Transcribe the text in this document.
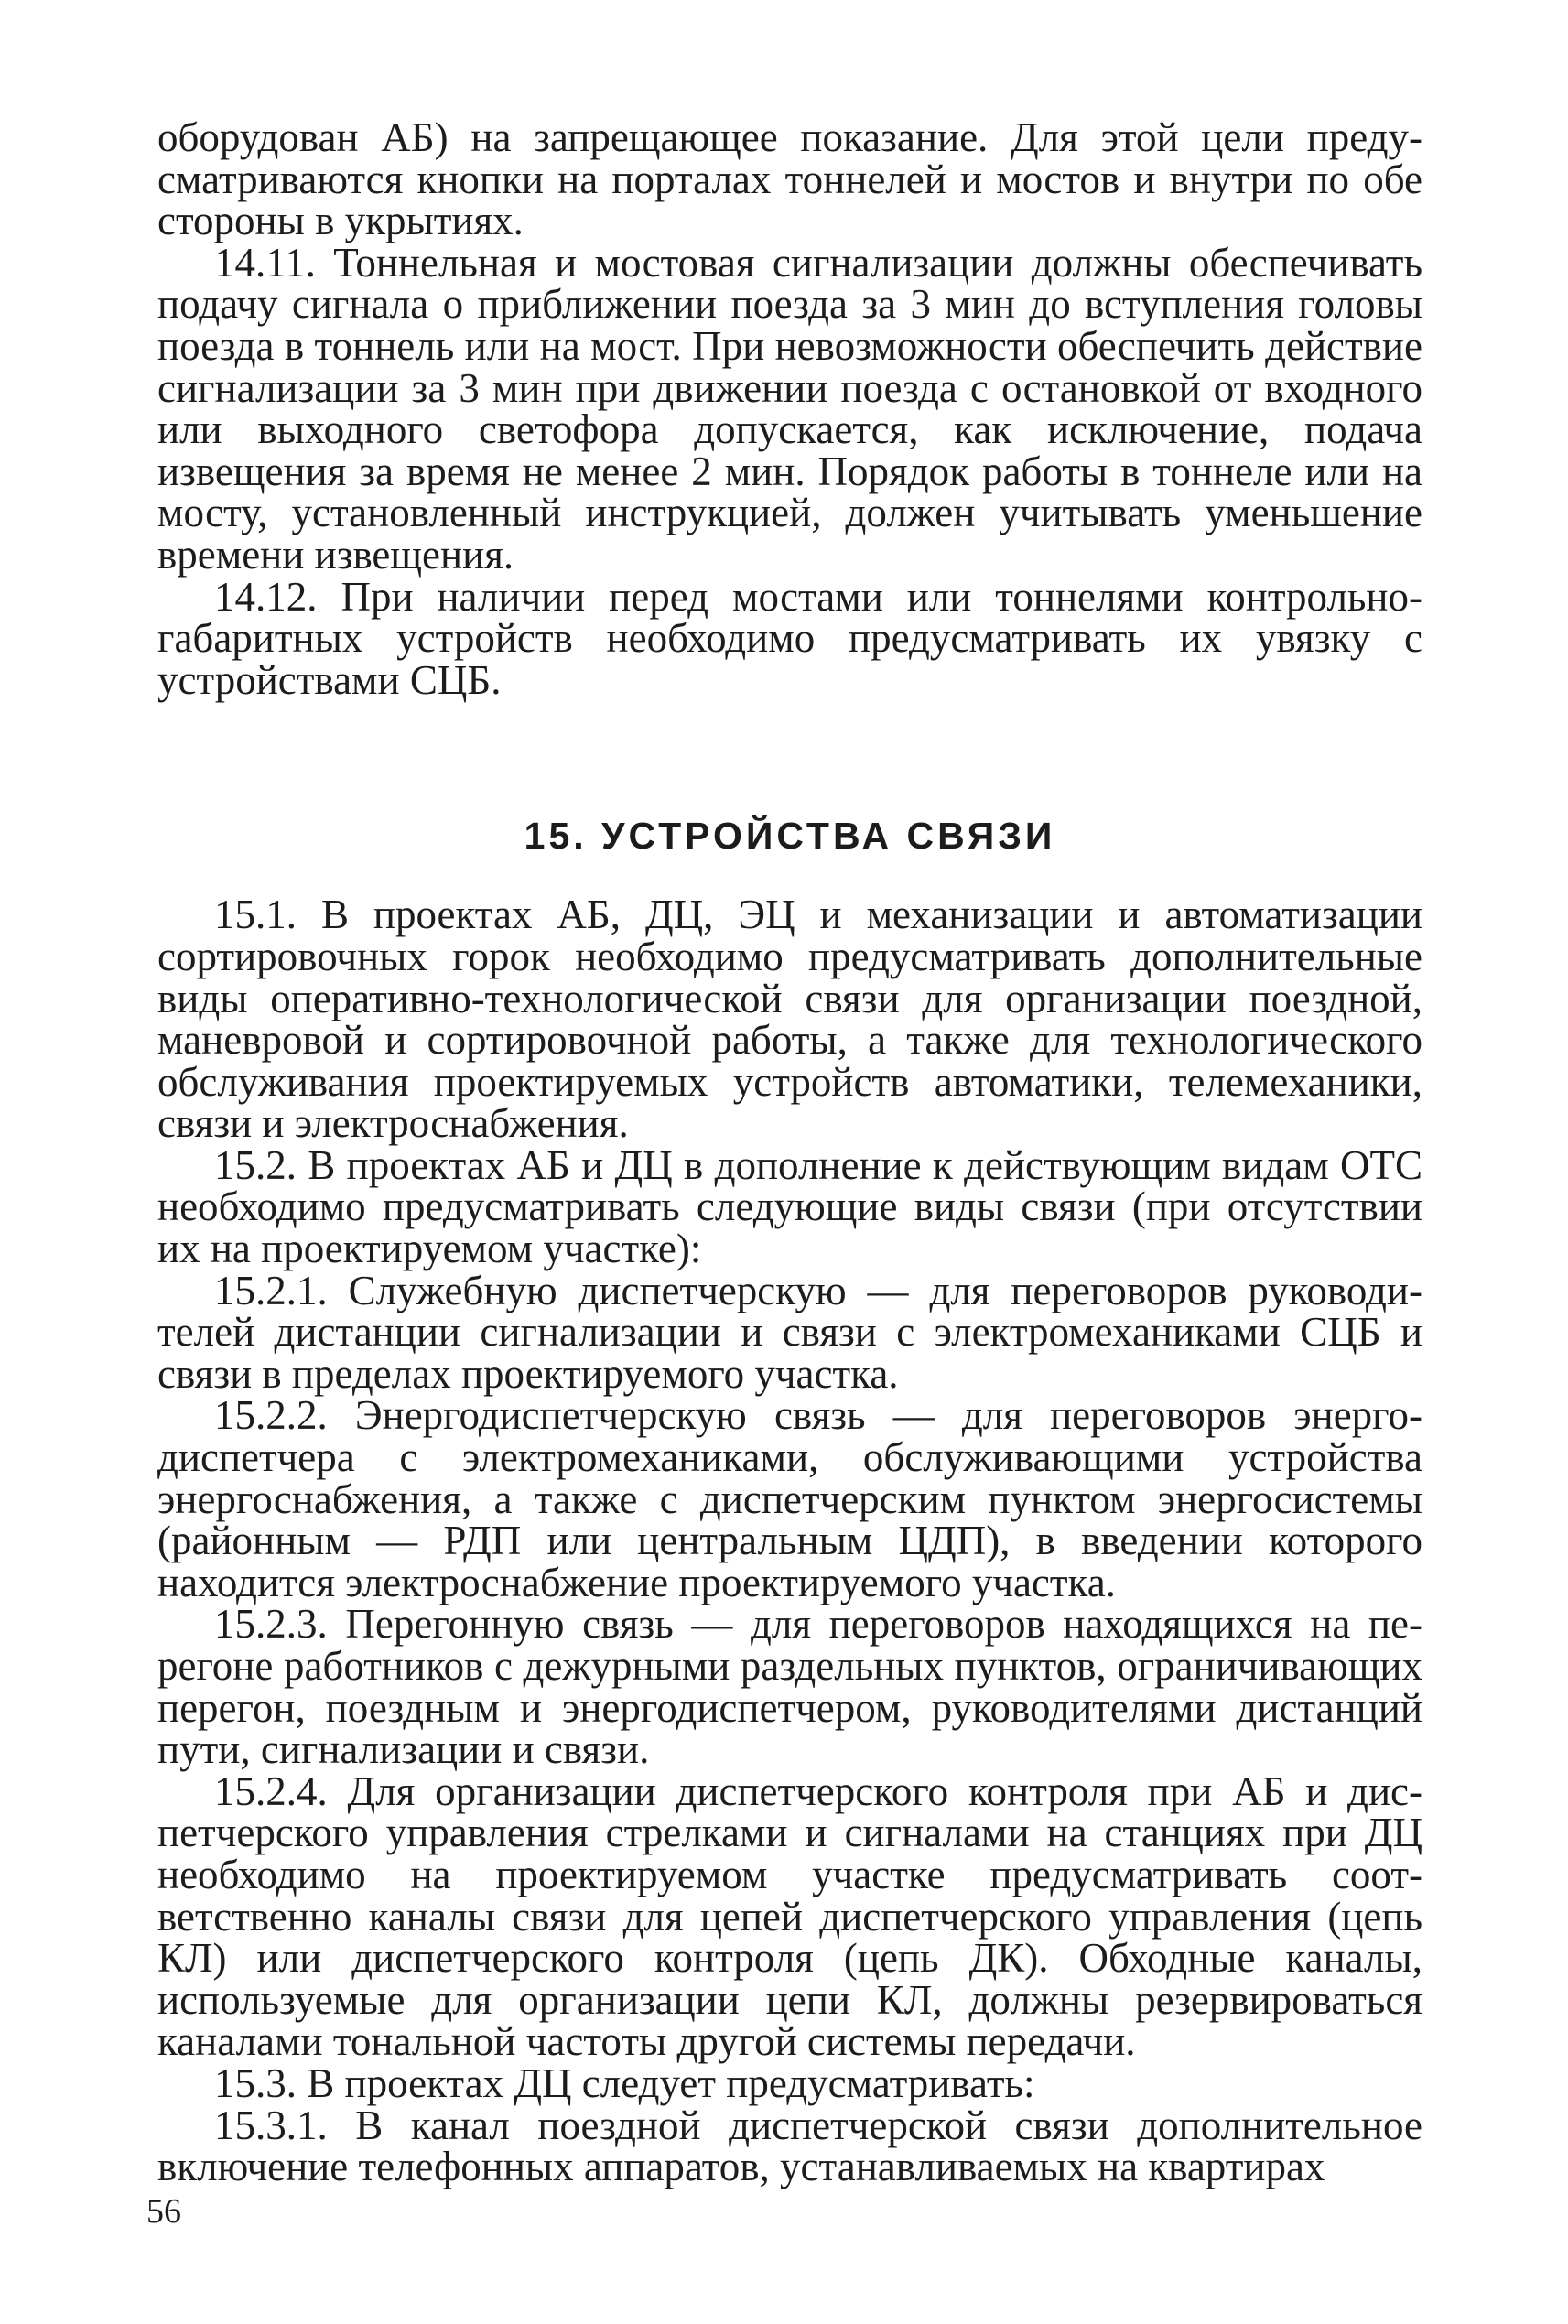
оборудован АБ) на запрещающее показание. Для этой цели предусматриваются кнопки на порталах тоннелей и мостов и внутри по обе стороны в укрытиях.

14.11. Тоннельная и мостовая сигнализации должны обеспечивать подачу сигнала о приближении поезда за 3 мин до вступления головы поезда в тоннель или на мост. При невозможности обеспечить действие сигнализации за 3 мин при движении поезда с остановкой от входного или выходного светофора допускается, как исключение, подача извещения за время не менее 2 мин. Порядок работы в тоннеле или на мосту, установленный инструкцией, должен учитывать уменьшение времени извещения.

14.12. При наличии перед мостами или тоннелями контрольно-габаритных устройств необходимо предусматривать их увязку с устройствами СЦБ.

15. УСТРОЙСТВА СВЯЗИ

15.1. В проектах АБ, ДЦ, ЭЦ и механизации и автоматизации сортировочных горок необходимо предусматривать дополнительные виды оперативно-технологической связи для организации поездной, маневровой и сортировочной работы, а также для технологического обслуживания проектируемых устройств автоматики, телемеханики, связи и электроснабжения.

15.2. В проектах АБ и ДЦ в дополнение к действующим видам ОТС необходимо предусматривать следующие виды связи (при отсутствии их на проектируемом участке):

15.2.1. Служебную диспетчерскую — для переговоров руководителей дистанции сигнализации и связи с электромеханиками СЦБ и связи в пределах проектируемого участка.

15.2.2. Энергодиспетчерскую связь — для переговоров энергодиспетчера с электромеханиками, обслуживающими устройства энергоснабжения, а также с диспетчерским пунктом энергосистемы (районным — РДП или центральным ЦДП), в введении которого находится электроснабжение проектируемого участка.

15.2.3. Перегонную связь — для переговоров находящихся на перегоне работников с дежурными раздельных пунктов, ограничивающих перегон, поездным и энергодиспетчером, руководителями дистанций пути, сигнализации и связи.

15.2.4. Для организации диспетчерского контроля при АБ и диспетчерского управления стрелками и сигналами на станциях при ДЦ необходимо на проектируемом участке предусматривать соответственно каналы связи для цепей диспетчерского управления (цепь КЛ) или диспетчерского контроля (цепь ДК). Обходные каналы, используемые для организации цепи КЛ, должны резервироваться каналами тональной частоты другой системы передачи.

15.3. В проектах ДЦ следует предусматривать:

15.3.1. В канал поездной диспетчерской связи дополнительное включение телефонных аппаратов, устанавливаемых на квартирах

56
